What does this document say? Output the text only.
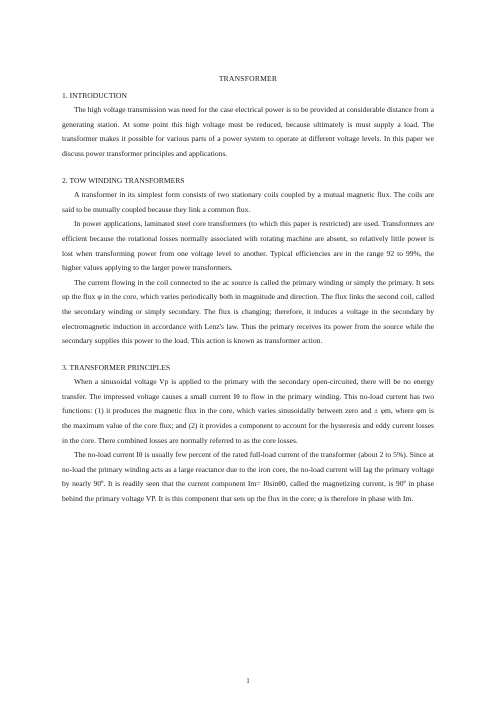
TRANSFORMER
1. INTRODUCTION

The high voltage transmission was need for the case electrical power is to be provided at considerable distance from a generating station. At some point this high voltage must be reduced, because ultimately is must supply a load. The transformer makes it possible for various parts of a power system to operate at different voltage levels. In this paper we discuss power transformer principles and applications.

2. TOW WINDING TRANSFORMERS

A transformer in its simplest form consists of two stationary coils coupled by a mutual magnetic flux. The coils are said to be mutually coupled because they link a common flux.

In power applications, laminated steel core transformers (to which this paper is restricted) are used. Transformers are efficient because the rotational losses normally associated with rotating machine are absent, so relatively little power is lost when transforming power from one voltage level to another. Typical efficiencies are in the range 92 to 99%, the higher values applying to the larger power transformers.

The current flowing in the coil connected to the ac source is called the primary winding or simply the primary. It sets up the flux φ in the core, which varies periodically both in magnitude and direction. The flux links the second coil, called the secondary winding or simply secondary. The flux is changing; therefore, it induces a voltage in the secondary by electromagnetic induction in accordance with Lenz's law. Thus the primary receives its power from the source while the secondary supplies this power to the load. This action is known as transformer action.

3. TRANSFORMER PRINCIPLES

When a sinusoidal voltage Vp is applied to the primary with the secondary open-circuited, there will be no energy transfer. The impressed voltage causes a small current Iθ to flow in the primary winding. This no-load current has two functions: (1) it produces the magnetic flux in the core, which varies sinusoidally between zero and ± φm, where φm is the maximum value of the core flux; and (2) it provides a component to account for the hysteresis and eddy current losses in the core. There combined losses are normally referred to as the core losses.

The no-load current Iθ is usually few percent of the rated full-load current of the transformer (about 2 to 5%). Since at no-load the primary winding acts as a large reactance due to the iron core, the no-load current will lag the primary voltage by nearly 90º. It is readily seen that the current component Im= I0sinθ0, called the magnetizing current, is 90º in phase behind the primary voltage VP. It is this component that sets up the flux in the core; φ is therefore in phase with Im.

1
